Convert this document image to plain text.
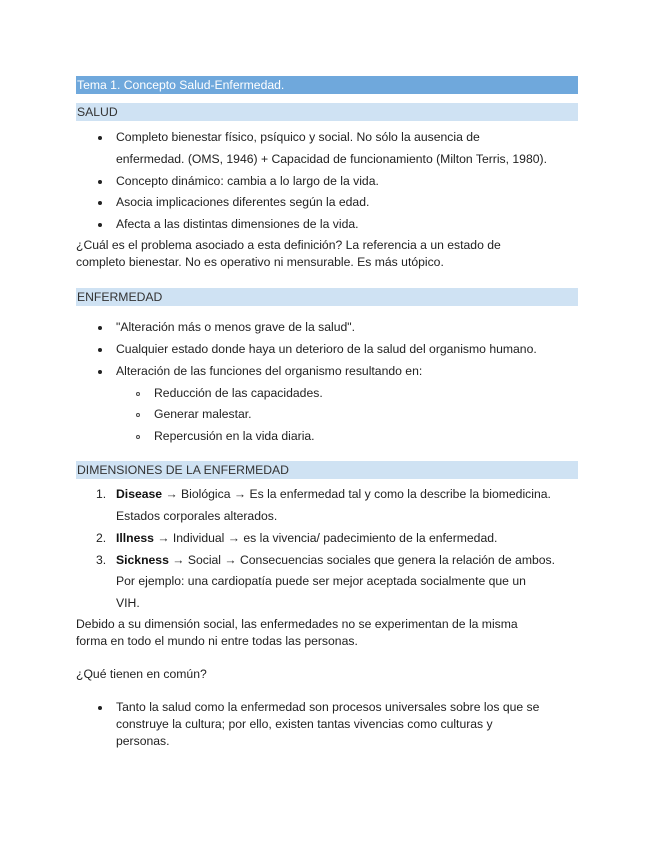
Tema 1. Concepto Salud-Enfermedad.
SALUD
Completo bienestar físico, psíquico y social. No sólo la ausencia de
enfermedad. (OMS, 1946) + Capacidad de funcionamiento (Milton Terris, 1980).
Concepto dinámico: cambia a lo largo de la vida.
Asocia implicaciones diferentes según la edad.
Afecta a las distintas dimensiones de la vida.
¿Cuál es el problema asociado a esta definición? La referencia a un estado de
completo bienestar. No es operativo ni mensurable. Es más utópico.
ENFERMEDAD
"Alteración más o menos grave de la salud".
Cualquier estado donde haya un deterioro de la salud del organismo humano.
Alteración de las funciones del organismo resultando en:
Reducción de las capacidades.
Generar malestar.
Repercusión en la vida diaria.
DIMENSIONES DE LA ENFERMEDAD
1. Disease → Biológica → Es la enfermedad tal y como la describe la biomedicina.
Estados corporales alterados.
2. Illness → Individual → es la vivencia/ padecimiento de la enfermedad.
3. Sickness → Social → Consecuencias sociales que genera la relación de ambos.
Por ejemplo: una cardiopatía puede ser mejor aceptada socialmente que un
VIH.
Debido a su dimensión social, las enfermedades no se experimentan de la misma
forma en todo el mundo ni entre todas las personas.
¿Qué tienen en común?
Tanto la salud como la enfermedad son procesos universales sobre los que se
construye la cultura; por ello, existen tantas vivencias como culturas y
personas.
